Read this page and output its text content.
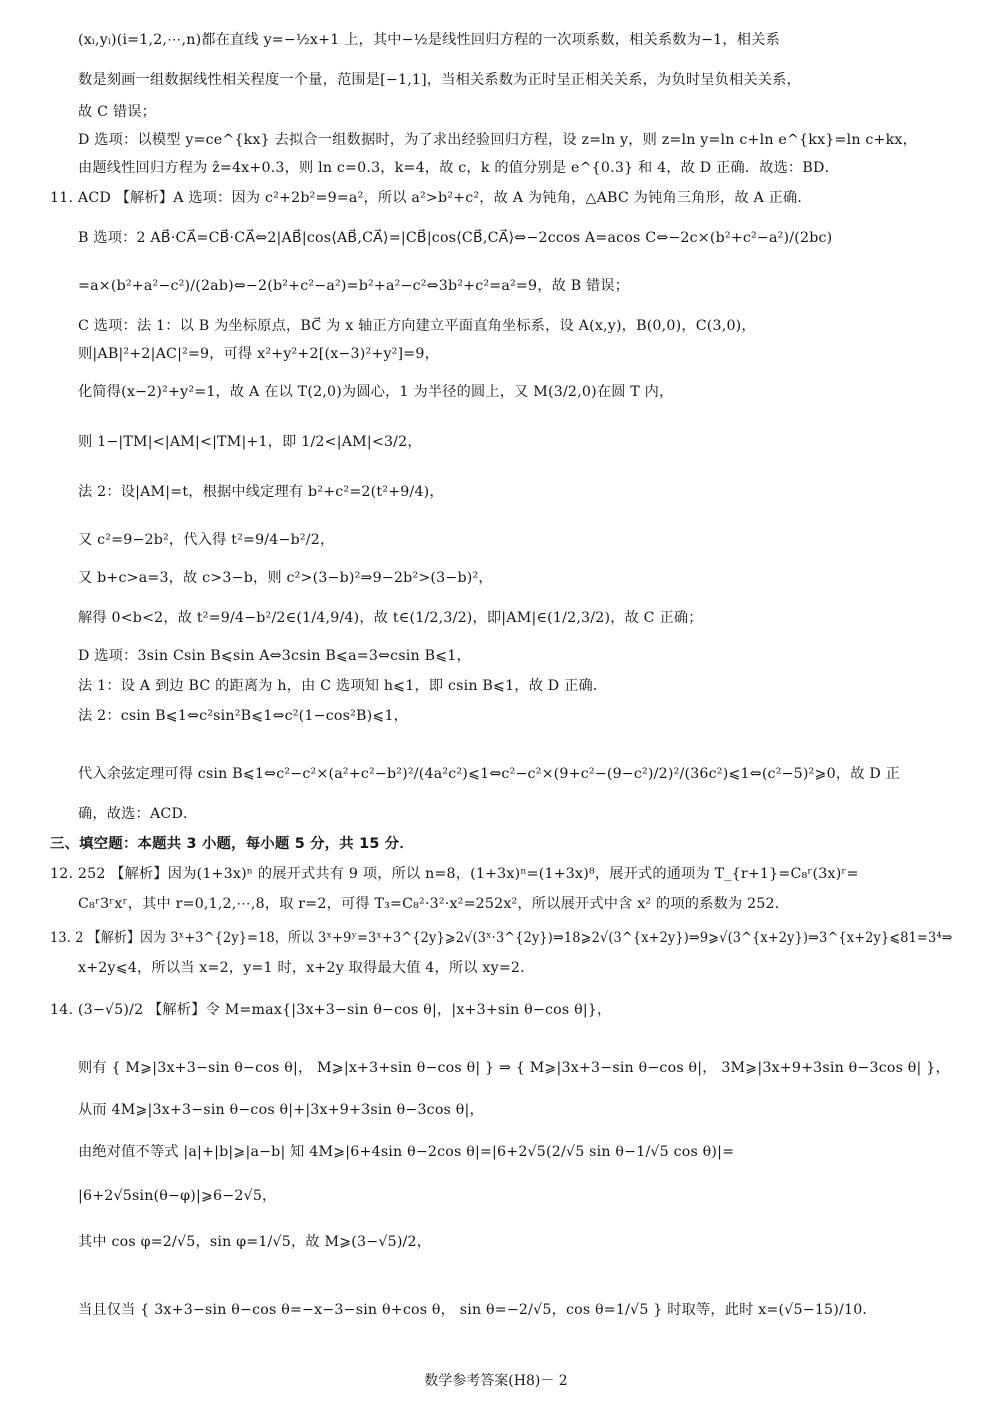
(xᵢ,yᵢ)(i=1,2,⋯,n)都在直线 y=−½x+1 上，其中−½是线性回归方程的一次项系数，相关系数为−1，相关系
数是刻画一组数据线性相关程度一个量，范围是[−1,1]，当相关系数为正时呈正相关关系，为负时呈负相关关系，
故 C 错误；
D 选项：以模型 y=ce^{kx} 去拟合一组数据时，为了求出经验回归方程，设 z=ln y，则 z=ln y=ln c+ln e^{kx}=ln c+kx，
由题线性回归方程为 ẑ=4x+0.3，则 ln c=0.3，k=4，故 c，k 的值分别是 e^{0.3} 和 4，故 D 正确．故选：BD．
11. ACD 【解析】A 选项：因为 c²+2b²=9=a²，所以 a²>b²+c²，故 A 为钝角，△ABC 为钝角三角形，故 A 正确．
B 选项：2 AB⃗·CA⃗=CB⃗·CA⃗⇔2|AB⃗|cos⟨AB⃗,CA⃗⟩=|CB⃗|cos⟨CB⃗,CA⃗⟩⇔−2ccos A=acos C⇔−2c×(b²+c²−a²)/(2bc)
=a×(b²+a²−c²)/(2ab)⇔−2(b²+c²−a²)=b²+a²−c²⇔3b²+c²=a²=9，故 B 错误；
C 选项：法 1：以 B 为坐标原点，BC⃗ 为 x 轴正方向建立平面直角坐标系，设 A(x,y)，B(0,0)，C(3,0)，
则|AB|²+2|AC|²=9，可得 x²+y²+2[(x−3)²+y²]=9，
化简得(x−2)²+y²=1，故 A 在以 T(2,0)为圆心，1 为半径的圆上，又 M(3/2,0)在圆 T 内，
则 1−|TM|<|AM|<|TM|+1，即 1/2<|AM|<3/2，
法 2：设|AM|=t，根据中线定理有 b²+c²=2(t²+9/4)，
又 c²=9−2b²，代入得 t²=9/4−b²/2，
又 b+c>a=3，故 c>3−b，则 c²>(3−b)²⇒9−2b²>(3−b)²，
解得 0<b<2，故 t²=9/4−b²/2∈(1/4,9/4)，故 t∈(1/2,3/2)，即|AM|∈(1/2,3/2)，故 C 正确；
D 选项：3sin Csin B⩽sin A⇔3csin B⩽a=3⇔csin B⩽1，
法 1：设 A 到边 BC 的距离为 h，由 C 选项知 h⩽1，即 csin B⩽1，故 D 正确．
法 2：csin B⩽1⇔c²sin²B⩽1⇔c²(1−cos²B)⩽1，
代入余弦定理可得 csin B⩽1⇔c²−c²×(a²+c²−b²)²/(4a²c²)⩽1⇔c²−c²×(9+c²−(9−c²)/2)²/(36c²)⩽1⇔(c²−5)²⩾0，故 D 正
确，故选：ACD．
三、填空题：本题共 3 小题，每小题 5 分，共 15 分．
12. 252 【解析】因为(1+3x)ⁿ 的展开式共有 9 项，所以 n=8，(1+3x)ⁿ=(1+3x)⁸，展开式的通项为 T_{r+1}=C₈ʳ(3x)ʳ=
C₈ʳ3ʳxʳ，其中 r=0,1,2,⋯,8，取 r=2，可得 T₃=C₈²·3²·x²=252x²，所以展开式中含 x² 的项的系数为 252．
13. 2 【解析】因为 3ˣ+3^{2y}=18，所以 3ˣ+9ʸ=3ˣ+3^{2y}⩾2√(3ˣ·3^{2y})⇒18⩾2√(3^{x+2y})⇒9⩾√(3^{x+2y})⇒3^{x+2y}⩽81=3⁴⇒
x+2y⩽4，所以当 x=2，y=1 时，x+2y 取得最大值 4，所以 xy=2．
14. (3−√5)/2 【解析】令 M=max{|3x+3−sin θ−cos θ|，|x+3+sin θ−cos θ|}，
则有 { M⩾|3x+3−sin θ−cos θ|， M⩾|x+3+sin θ−cos θ| } ⇒ { M⩾|3x+3−sin θ−cos θ|， 3M⩾|3x+9+3sin θ−3cos θ| }，
从而 4M⩾|3x+3−sin θ−cos θ|+|3x+9+3sin θ−3cos θ|，
由绝对值不等式 |a|+|b|⩾|a−b| 知 4M⩾|6+4sin θ−2cos θ|=|6+2√5(2/√5 sin θ−1/√5 cos θ)|=
|6+2√5sin(θ−φ)|⩾6−2√5，
其中 cos φ=2/√5，sin φ=1/√5，故 M⩾(3−√5)/2，
当且仅当 { 3x+3−sin θ−cos θ=−x−3−sin θ+cos θ， sin θ=−2/√5，cos θ=1/√5 } 时取等，此时 x=(√5−15)/10．
数学参考答案(H8)－ 2
